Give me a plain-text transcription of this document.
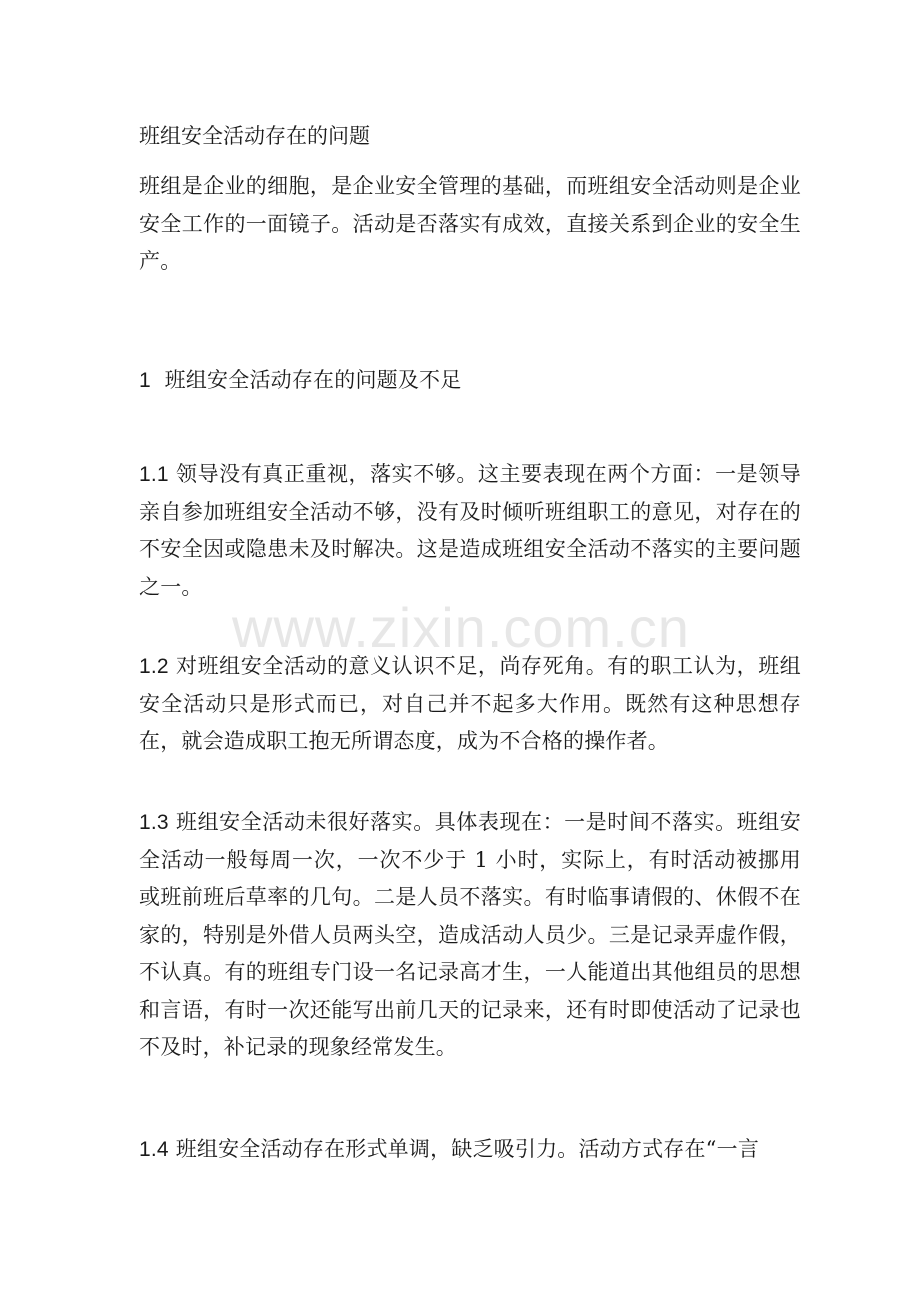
班组安全活动存在的问题
班组是企业的细胞，是企业安全管理的基础，而班组安全活动则是企业安全工作的一面镜子。活动是否落实有成效，直接关系到企业的安全生产。
1 班组安全活动存在的问题及不足
1.1 领导没有真正重视，落实不够。这主要表现在两个方面：一是领导亲自参加班组安全活动不够，没有及时倾听班组职工的意见，对存在的不安全因或隐患未及时解决。这是造成班组安全活动不落实的主要问题之一。
1.2 对班组安全活动的意义认识不足，尚存死角。有的职工认为，班组安全活动只是形式而已，对自己并不起多大作用。既然有这种思想存在，就会造成职工抱无所谓态度，成为不合格的操作者。
1.3 班组安全活动未很好落实。具体表现在：一是时间不落实。班组安全活动一般每周一次，一次不少于 1 小时，实际上，有时活动被挪用或班前班后草率的几句。二是人员不落实。有时临事请假的、休假不在家的，特别是外借人员两头空，造成活动人员少。三是记录弄虚作假，不认真。有的班组专门设一名记录高才生，一人能道出其他组员的思想和言语，有时一次还能写出前几天的记录来，还有时即使活动了记录也不及时，补记录的现象经常发生。
1.4 班组安全活动存在形式单调，缺乏吸引力。活动方式存在“一言
www.zixin.com.cn
